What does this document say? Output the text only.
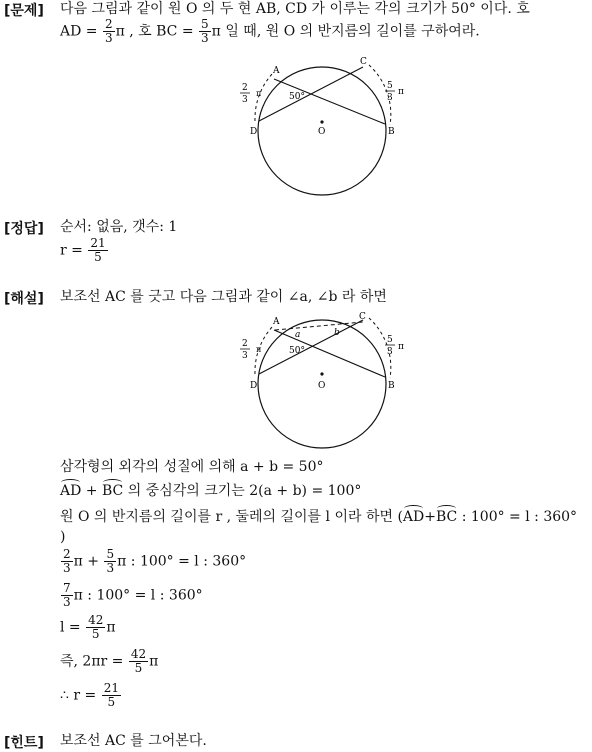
[문제] 다음 그림과 같이 원 O 의 두 현 AB, CD 가 이루는 각의 크기가 50° 이다. 호
AD = $\frac{2}{3}$ π , 호 BC = $\frac{5}{3}$ π 일 때, 원 O 의 반지름의 길이를 구하여라.
A
C
D	B
O
50°
2
3
π
5
3
π
[정답] 순서: 없음, 갯수: 1
$r = \frac{21}{5}$
[해설] 보조선 AC 를 긋고 다음 그림과 같이 ∠a, ∠b 라 하면
A	C
D	B
O
a	b
50°
2
3
π
5
3 π
삼각형의 외각의 성질에 의해 a + b = 50°
AD + BC 의 중심각의 크기는 2(a + b) = 100°
원 O 의 반지름의 길이를 r , 둘레의 길이를 l 이라 하면 (AD+BC : 100° = l : 360°
)
$\frac{2}{3}$ $\pi + \frac{5}{3}$ π : 100° = l : 360°
$\frac{7}{3}$ π : 100° = l : 360°
$l = \frac{42}{5}$ π
즉, $2\pi r = \frac{42}{5}$ π
∴ $r = \frac{21}{5}$
[힌트] 보조선 AC 를 그어본다.
